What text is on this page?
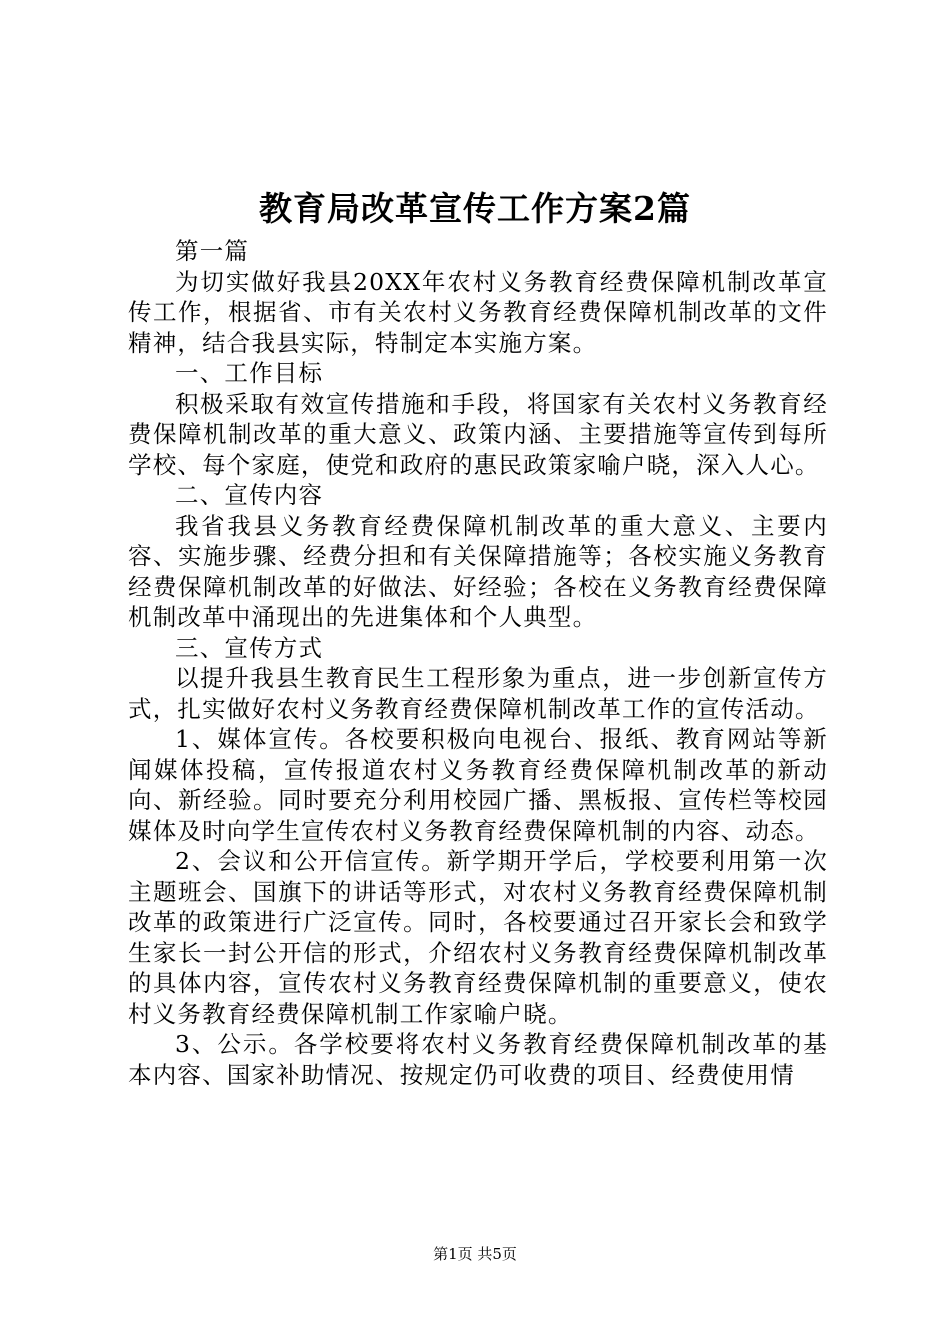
教育局改革宣传工作方案2篇

第一篇

为切实做好我县20XX年农村义务教育经费保障机制改革宣传工作，根据省、市有关农村义务教育经费保障机制改革的文件精神，结合我县实际，特制定本实施方案。

一、工作目标

积极采取有效宣传措施和手段，将国家有关农村义务教育经费保障机制改革的重大意义、政策内涵、主要措施等宣传到每所学校、每个家庭，使党和政府的惠民政策家喻户晓，深入人心。

二、宣传内容

我省我县义务教育经费保障机制改革的重大意义、主要内容、实施步骤、经费分担和有关保障措施等；各校实施义务教育经费保障机制改革的好做法、好经验；各校在义务教育经费保障机制改革中涌现出的先进集体和个人典型。

三、宣传方式

以提升我县生教育民生工程形象为重点，进一步创新宣传方式，扎实做好农村义务教育经费保障机制改革工作的宣传活动。

1、媒体宣传。各校要积极向电视台、报纸、教育网站等新闻媒体投稿，宣传报道农村义务教育经费保障机制改革的新动向、新经验。同时要充分利用校园广播、黑板报、宣传栏等校园媒体及时向学生宣传农村义务教育经费保障机制的内容、动态。

2、会议和公开信宣传。新学期开学后，学校要利用第一次主题班会、国旗下的讲话等形式，对农村义务教育经费保障机制改革的政策进行广泛宣传。同时，各校要通过召开家长会和致学生家长一封公开信的形式，介绍农村义务教育经费保障机制改革的具体内容，宣传农村义务教育经费保障机制的重要意义，使农村义务教育经费保障机制工作家喻户晓。

3、公示。各学校要将农村义务教育经费保障机制改革的基本内容、国家补助情况、按规定仍可收费的项目、经费使用情

第1页 共5页
